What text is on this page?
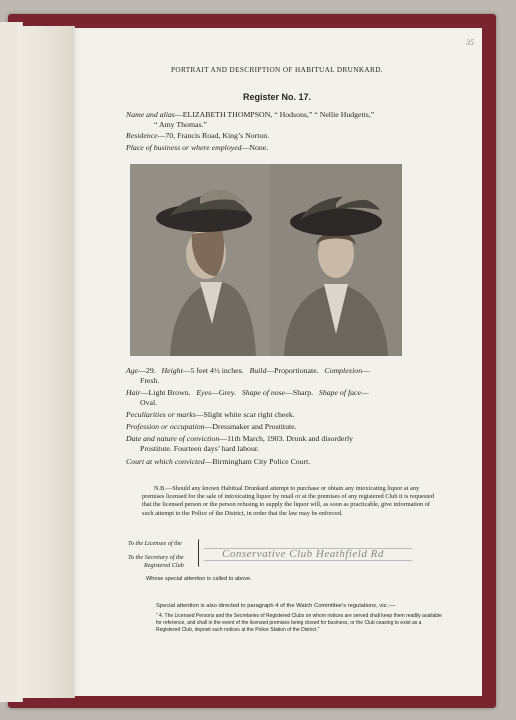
35
PORTRAIT AND DESCRIPTION OF HABITUAL DRUNKARD.
Register No. 17.
Name and alias—ELIZABETH THOMPSON, “ Hodsons,” “ Nellie Hudgetts,”
“ Amy Thomas.”
Residence—70, Francis Road, King’s Norton.
Place of business or where employed—None.
Age—29. Height—5 feet 4½ inches. Build—Proportionate. Complexion—
Fresh.
Hair—Light Brown. Eyes—Grey. Shape of nose—Sharp. Shape of face—
Oval.
Peculiarities or marks—Slight white scar right cheek.
Profession or occupation—Dressmaker and Prostitute.
Date and nature of conviction—11th March, 1903. Drunk and disorderly
Prostitute. Fourteen days’ hard labour.
Court at which convicted—Birmingham City Police Court.
N.B.—Should any known Habitual Drunkard attempt to purchase or obtain any intoxicating liquor at any premises licensed for the sale of intoxicating liquor by retail or at the premises of any registered Club it is requested that the licensed person or the person refusing to supply the liquor will, as soon as practicable, give information of such attempt to the Police of the District, in order that the law may be enforced.
To the Licensee of the
To the Secretary of the
Registered Club
Conservative Club Heathfield Rd
Whose special attention is called to above.
Special attention is also directed to paragraph 4 of the Watch Committee’s regulations, viz.:—
“ 4. The Licensed Persons and the Secretaries of Registered Clubs on whom notices are served shall keep them readily available for reference, and shall in the event of the licensed premises being closed for business, or the Club ceasing to exist as a Registered Club, deposit such notices at the Police Station of the District.”
